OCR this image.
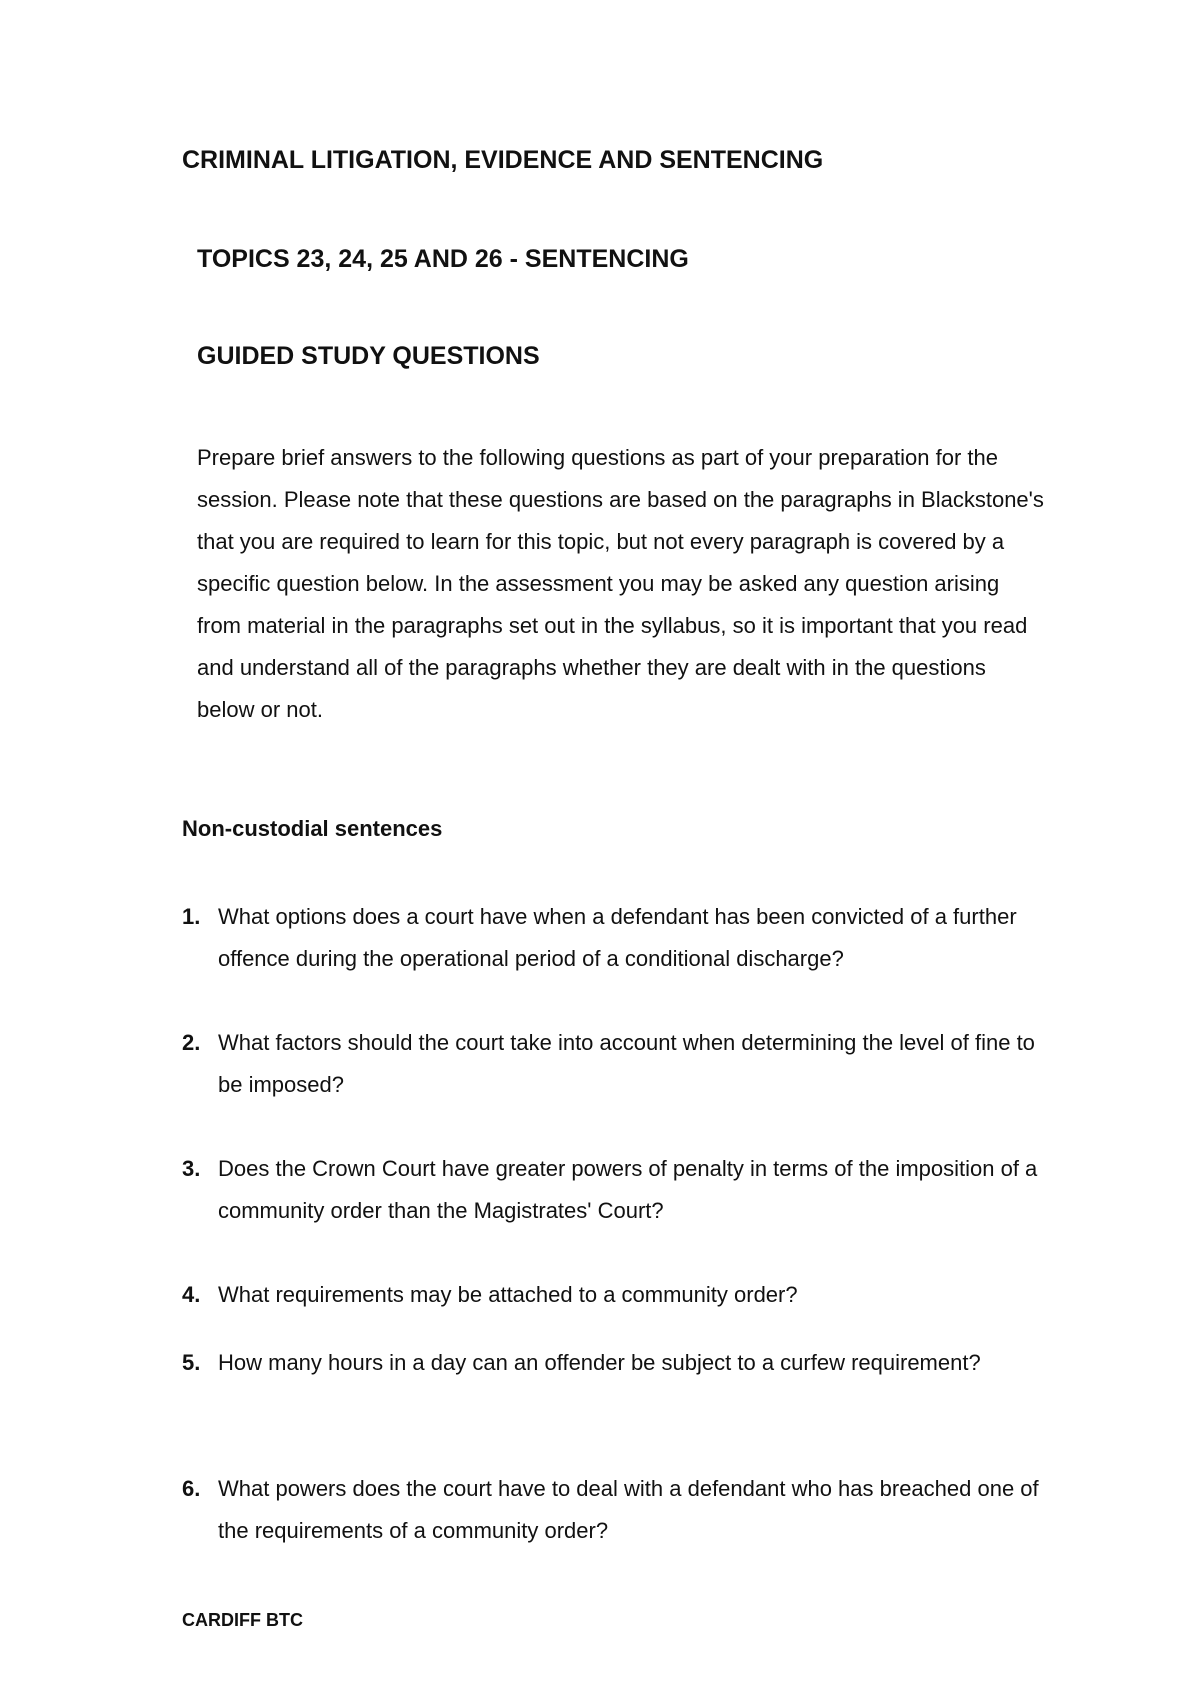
CRIMINAL LITIGATION, EVIDENCE AND SENTENCING
TOPICS 23, 24, 25 AND 26 - SENTENCING
GUIDED STUDY QUESTIONS

Prepare brief answers to the following questions as part of your preparation for the session. Please note that these questions are based on the paragraphs in Blackstone's that you are required to learn for this topic, but not every paragraph is covered by a specific question below. In the assessment you may be asked any question arising from material in the paragraphs set out in the syllabus, so it is important that you read and understand all of the paragraphs whether they are dealt with in the questions below or not.

Non-custodial sentences
1. What options does a court have when a defendant has been convicted of a further offence during the operational period of a conditional discharge?
2. What factors should the court take into account when determining the level of fine to be imposed?
3. Does the Crown Court have greater powers of penalty in terms of the imposition of a community order than the Magistrates' Court?
4. What requirements may be attached to a community order?
5. How many hours in a day can an offender be subject to a curfew requirement?
6. What powers does the court have to deal with a defendant who has breached one of the requirements of a community order?

CARDIFF BTC
